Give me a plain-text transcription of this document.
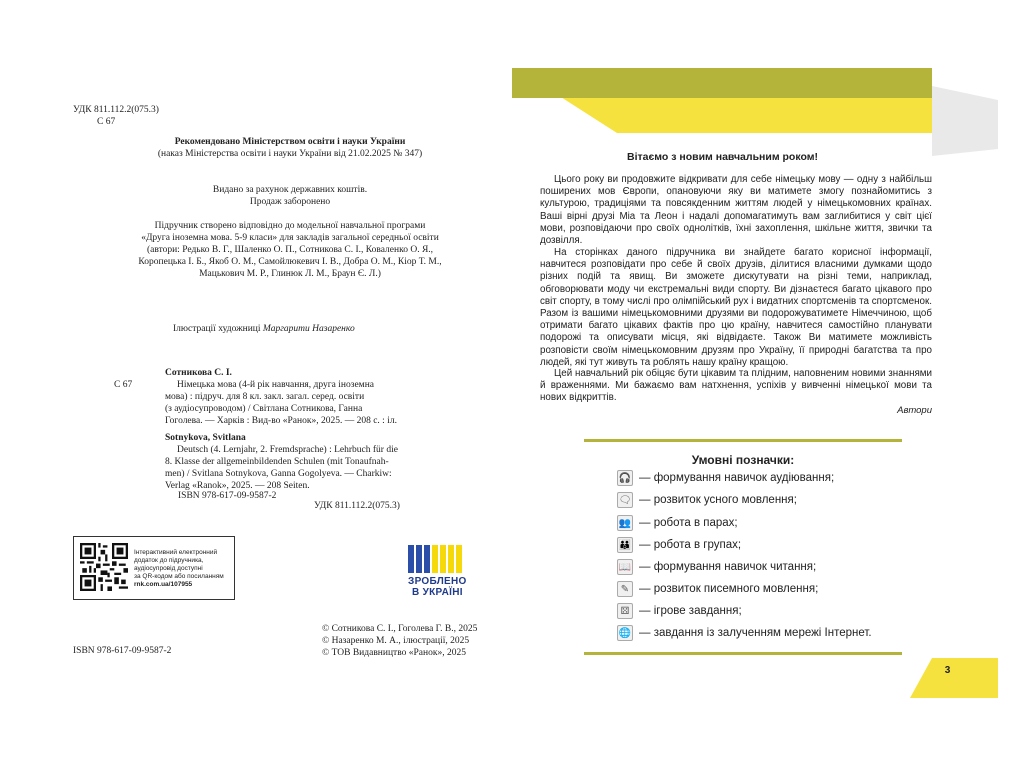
УДК 811.112.2(075.3)
С 67
Рекомендовано Міністерством освіти і науки України
(наказ Міністерства освіти і науки України від 21.02.2025 № 347)
Видано за рахунок державних коштів.
Продаж заборонено
Підручник створено відповідно до модельної навчальної програми
«Друга іноземна мова. 5-9 класи» для закладів загальної середньої освіти
(автори: Редько В. Г., Шаленко О. П., Сотникова С. І., Коваленко О. Я.,
Коропецька І. Б., Якоб О. М., Самойлюкевич І. В., Добра О. М., Кіор Т. М.,
Мацькович М. Р., Глинюк Л. М., Браун Є. Л.)
Ілюстрації художниці Маргарити Назаренко
Сотникова С. І.
С 67	Німецька мова (4-й рік навчання, друга іноземна
мова) : підруч. для 8 кл. закл. загал. серед. освіти
(з аудіосупроводом) / Світлана Сотникова, Ганна
Гоголева. — Харків : Вид-во «Ранок», 2025. — 208 с. : іл.
Sotnykova, Svitlana
Deutsch (4. Lernjahr, 2. Fremdsprache) : Lehrbuch für die
8. Klasse der allgemeinbildenden Schulen (mit Tonaufnah-
men) / Svitlana Sotnykova, Ganna Gogolyeva. — Charkiw:
Verlag «Ranok», 2025. — 208 Seiten.
ISBN 978-617-09-9587-2
УДК 811.112.2(075.3)
Інтерактивний електронний
додаток до підручника,
аудіосупровід доступні
за QR-кодом або посиланням
rnk.com.ua/107955	ЗРОБЛЕНО
В УКРАЇНІ
© Сотникова С. І., Гоголева Г. В., 2025
© Назаренко М. А., ілюстрації, 2025
© ТОВ Видавництво «Ранок», 2025
ISBN 978-617-09-9587-2
Вітаємо з новим навчальним роком!
Цього року ви продовжите відкривати для себе німецьку мову — одну з найбільш поширених мов Європи, опановуючи яку ви матимете змогу познайомитись з культурою, традиціями та повсякденним життям людей у німецькомовних країнах. Ваші вірні друзі Міа та Леон і надалі допомагатимуть вам заглибитися у світ цієї мови, розповідаючи про своїх однолітків, їхні захоплення, шкільне життя, звички та дозвілля.
На сторінках даного підручника ви знайдете багато корисної інформації, навчитеся розповідати про себе й своїх друзів, ділитися власними думками щодо різних подій та явищ. Ви зможете дискутувати на різні теми, наприклад, обговорювати моду чи екстремальні види спорту. Ви дізнаєтеся багато цікавого про світ спорту, в тому числі про олімпійський рух і видатних спортсменів та спортсменок. Разом із вашими німецькомовними друзями ви подорожуватимете Німеччиною, щоб отримати багато цікавих фактів про цю країну, навчитеся самостійно планувати подорожі та описувати місця, які відвідаєте. Також Ви матимете можливість розповісти своїм німецькомовним друзям про Україну, її природні багатства та про людей, які тут живуть та роблять нашу країну кращою.
Цей навчальний рік обіцяє бути цікавим та плідним, наповненим новими знаннями й враженнями. Ми бажаємо вам натхнення, успіхів у вивченні німецької мови та нових відкриттів.
Автори
Умовні позначки:
🎧 — формування навичок аудіювання;
🗨 — розвиток усного мовлення;
👥 — робота в парах;
👪 — робота в групах;
📖 — формування навичок читання;
✎ — розвиток писемного мовлення;
⚄ — ігрове завдання;
🌐 — завдання із залученням мережі Інтернет.
3
